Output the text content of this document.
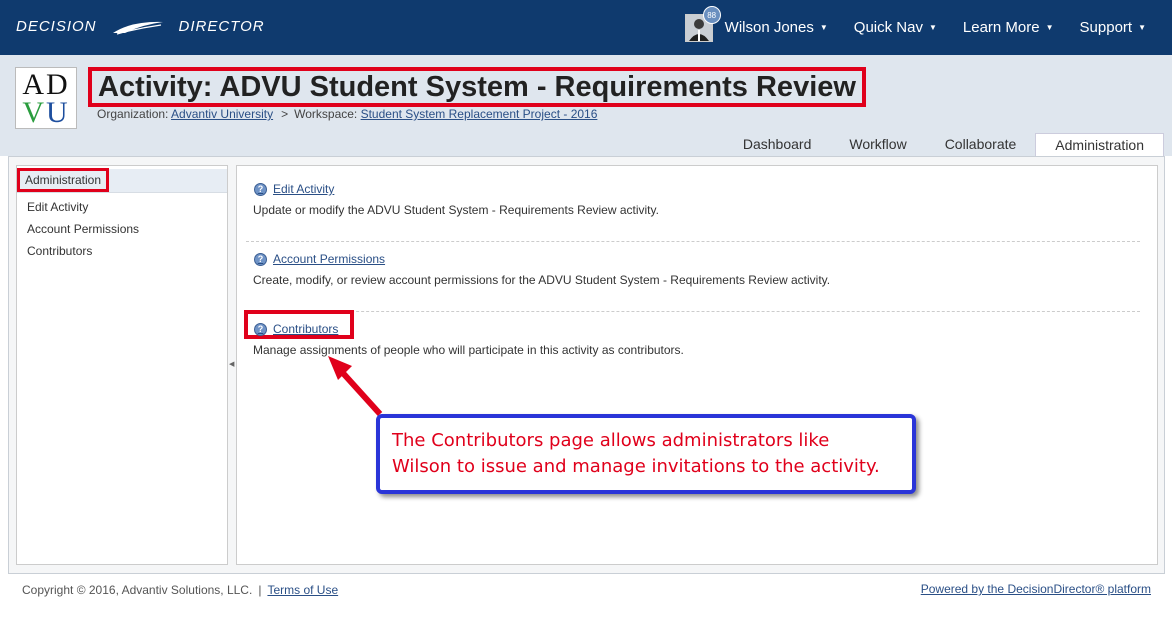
DECISION	DIRECTOR
88
Wilson Jones ▼ Quick Nav ▼ Learn More ▼ Support ▼
AD
VU
Activity: ADVU Student System - Requirements Review
Organization: Advantiv University > Workspace: Student System Replacement Project - 2016
Dashboard	Workflow	Collaborate	Administration
Administration
Edit Activity
Account Permissions
Contributors
◀
? Edit Activity
Update or modify the ADVU Student System - Requirements Review activity.
? Account Permissions
Create, modify, or review account permissions for the ADVU Student System - Requirements Review activity.
? Contributors
Manage assignments of people who will participate in this activity as contributors.
The Contributors page allows administrators like
Wilson to issue and manage invitations to the activity.
Copyright © 2016, Advantiv Solutions, LLC. | Terms of Use	Powered by the DecisionDirector® platform
